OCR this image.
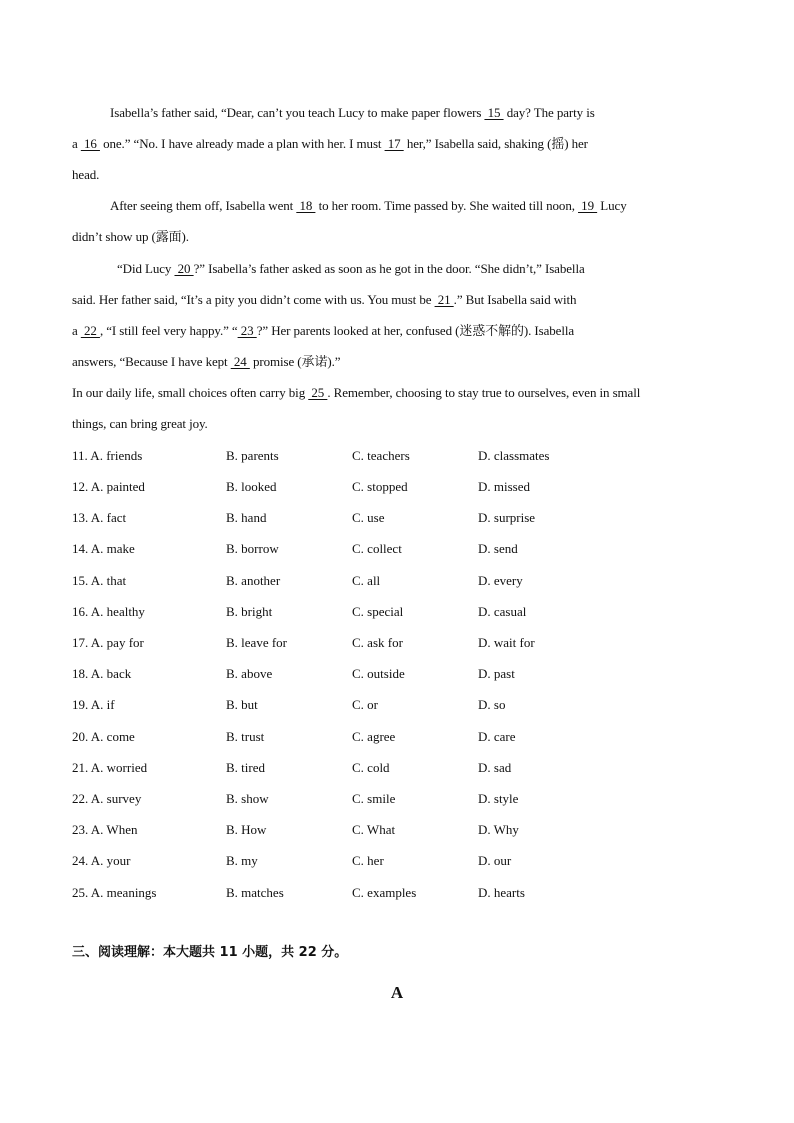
Isabella’s father said, “Dear, can’t you teach Lucy to make paper flowers  15  day? The party is
a  16  one.” “No. I have already made a plan with her. I must  17  her,” Isabella said, shaking (摇) her
head.
After seeing them off, Isabella went  18  to her room. Time passed by. She waited till noon,  19  Lucy
didn’t show up (露面).
“Did Lucy  20 ?” Isabella’s father asked as soon as he got in the door. “She didn’t,” Isabella
said. Her father said, “It’s a pity you didn’t come with us. You must be  21 .” But Isabella said with
a  22 , “I still feel very happy.” “ 23 ?” Her parents looked at her, confused (迷惑不解的). Isabella
answers, “Because I have kept  24  promise (承诺).”
In our daily life, small choices often carry big  25 . Remember, choosing to stay true to ourselves, even in small
things, can bring great joy.
11. A. friends	B. parents	C. teachers	D. classmates
12. A. painted	B. looked	C. stopped	D. missed
13. A. fact	B. hand	C. use	D. surprise
14. A. make	B. borrow	C. collect	D. send
15. A. that	B. another	C. all	D. every
16. A. healthy	B. bright	C. special	D. casual
17. A. pay for	B. leave for	C. ask for	D. wait for
18. A. back	B. above	C. outside	D. past
19. A. if	B. but	C. or	D. so
20. A. come	B. trust	C. agree	D. care
21. A. worried	B. tired	C. cold	D. sad
22. A. survey	B. show	C. smile	D. style
23. A. When	B. How	C. What	D. Why
24. A. your	B. my	C. her	D. our
25. A. meanings	B. matches	C. examples	D. hearts
三、阅读理解：本大题共 11 小题，共 22 分。
A
